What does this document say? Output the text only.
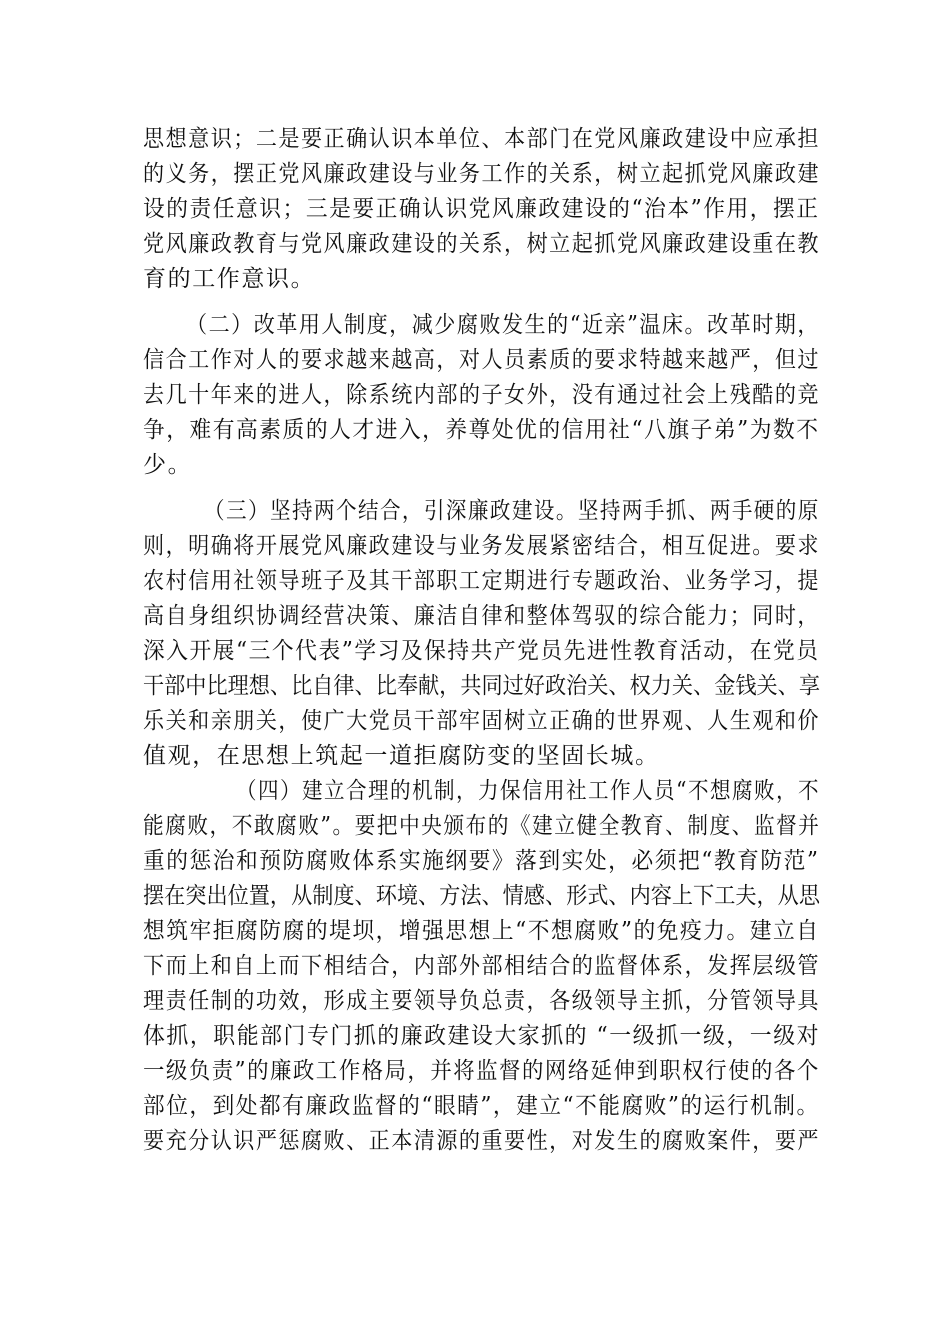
思想意识；二是要正确认识本单位、本部门在党风廉政建设中应承担
的义务，摆正党风廉政建设与业务工作的关系，树立起抓党风廉政建
设的责任意识；三是要正确认识党风廉政建设的“治本”作用，摆正
党风廉政教育与党风廉政建设的关系，树立起抓党风廉政建设重在教
育的工作意识。
（二）改革用人制度，减少腐败发生的“近亲”温床。改革时期，
信合工作对人的要求越来越高，对人员素质的要求特越来越严，但过
去几十年来的进人，除系统内部的子女外，没有通过社会上残酷的竞
争，难有高素质的人才进入，养尊处优的信用社“八旗子弟”为数不
少。
（三）坚持两个结合，引深廉政建设。坚持两手抓、两手硬的原
则，明确将开展党风廉政建设与业务发展紧密结合，相互促进。要求
农村信用社领导班子及其干部职工定期进行专题政治、业务学习，提
高自身组织协调经营决策、廉洁自律和整体驾驭的综合能力；同时，
深入开展“三个代表”学习及保持共产党员先进性教育活动，在党员
干部中比理想、比自律、比奉献，共同过好政治关、权力关、金钱关、享
乐关和亲朋关，使广大党员干部牢固树立正确的世界观、人生观和价
值观，在思想上筑起一道拒腐防变的坚固长城。
（四）建立合理的机制，力保信用社工作人员“不想腐败，不
能腐败，不敢腐败”。要把中央颁布的《建立健全教育、制度、监督并
重的惩治和预防腐败体系实施纲要》落到实处，必须把“教育防范”
摆在突出位置，从制度、环境、方法、情感、形式、内容上下工夫，从思
想筑牢拒腐防腐的堤坝，增强思想上“不想腐败”的免疫力。建立自
下而上和自上而下相结合，内部外部相结合的监督体系，发挥层级管
理责任制的功效，形成主要领导负总责，各级领导主抓，分管领导具
体抓，职能部门专门抓的廉政建设大家抓的 “一级抓一级，一级对
一级负责”的廉政工作格局，并将监督的网络延伸到职权行使的各个
部位，到处都有廉政监督的“眼睛”，建立“不能腐败”的运行机制。
要充分认识严惩腐败、正本清源的重要性，对发生的腐败案件，要严
